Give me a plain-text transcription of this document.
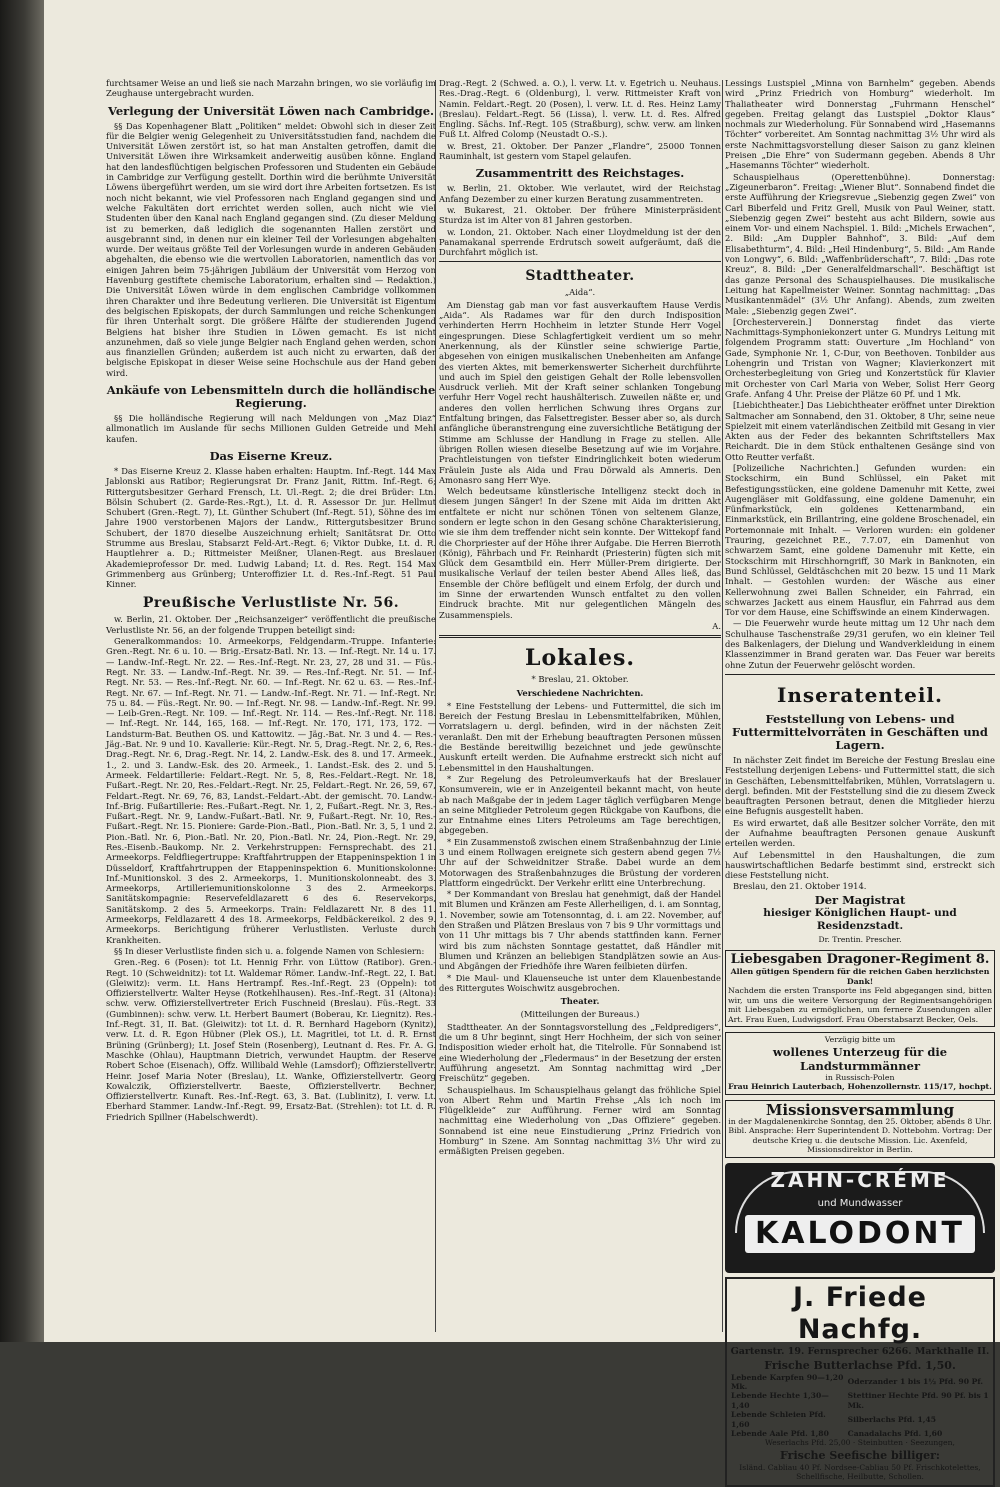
furchtsamer Weise an und ließ sie nach Marzahn bringen, wo sie vorläufig im Zeughause untergebracht wurden.

Verlegung der Universität Löwen nach Cambridge.

§§ Das Kopenhagener Blatt „Politiken“ meldet: Obwohl sich in dieser Zeit für die Belgier wenig Gelegenheit zu Universitätsstudien fand, nachdem die Universität Löwen zerstört ist, so hat man Anstalten getroffen, damit die Universität Löwen ihre Wirksamkeit anderweitig ausüben könne. England hat den landesflüchtigen belgischen Professoren und Studenten ein Gebäude in Cambridge zur Verfügung gestellt. Dorthin wird die berühmte Universität Löwens übergeführt werden, um sie wird dort ihre Arbeiten fortsetzen. Es ist noch nicht bekannt, wie viel Professoren nach England gegangen sind und welche Fakultäten dort errichtet werden sollen, auch nicht wie viel Studenten über den Kanal nach England gegangen sind. (Zu dieser Meldung ist zu bemerken, daß lediglich die sogenannten Hallen zerstört und ausgebrannt sind, in denen nur ein kleiner Teil der Vorlesungen abgehalten wurde. Der weitaus größte Teil der Vorlesungen wurde in anderen Gebäuden abgehalten, die ebenso wie die wertvollen Laboratorien, namentlich das vor einigen Jahren beim 75-jährigen Jubiläum der Universität vom Herzog von Havenburg gestiftete chemische Laboratorium, erhalten sind — Redaktion.) Die Universität Löwen würde in dem englischen Cambridge vollkommen ihren Charakter und ihre Bedeutung verlieren. Die Universität ist Eigentum des belgischen Episkopats, der durch Sammlungen und reiche Schenkungen für ihren Unterhalt sorgt. Die größere Hälfte der studierenden Jugend Belgiens hat bisher ihre Studien in Löwen gemacht. Es ist nicht anzunehmen, daß so viele junge Belgier nach England gehen werden, schon aus finanziellen Gründen; außerdem ist auch nicht zu erwarten, daß der belgische Episkopat in dieser Weise seine Hochschule aus der Hand geben wird.

Ankäufe von Lebensmitteln durch die holländische Regierung.

§§ Die holländische Regierung will nach Meldungen von „Maz Diaz“ allmonatlich im Auslande für sechs Millionen Gulden Getreide und Mehl kaufen.

Das Eiserne Kreuz.

* Das Eiserne Kreuz 2. Klasse haben erhalten: Hauptm. Inf.-Regt. 144 Max Jablonski aus Ratibor; Regierungsrat Dr. Franz Janit, Rittm. Inf.-Regt. 6; Rittergutsbesitzer Gerhard Frensch, Lt. Ul.-Regt. 2; die drei Brüder: Ltn. Bölsin Schubert (2. Garde-Res.-Rgt.), Lt. d. R. Assessor Dr. jur. Hellmut Schubert (Gren.-Regt. 7), Lt. Günther Schubert (Inf.-Regt. 51), Söhne des im Jahre 1900 verstorbenen Majors der Landw., Rittergutsbesitzer Bruno Schubert, der 1870 dieselbe Auszeichnung erhielt; Sanitätsrat Dr. Otto Strumme aus Breslau, Stabsarzt Feld-Art.-Regt. 6; Viktor Dubke, Lt. d. R. Hauptlehrer a. D.; Rittmeister Meißner, Ulanen-Regt. aus Breslauer Akademieprofessor Dr. med. Ludwig Laband; Lt. d. Res. Regt. 154 Max Grimmenberg aus Grünberg; Unteroffizier Lt. d. Res.-Inf.-Regt. 51 Paul Kinner.

Preußische Verlustliste Nr. 56.

w. Berlin, 21. Oktober. Der „Reichsanzeiger“ veröffentlicht die preußische Verlustliste Nr. 56, an der folgende Truppen beteiligt sind:

Generalkommandos: 10. Armeekorps, Feldgendarm.-Truppe. Infanterie: Gren.-Regt. Nr. 6 u. 10. — Brig.-Ersatz-Batl. Nr. 13. — Inf.-Regt. Nr. 14 u. 17. — Landw.-Inf.-Regt. Nr. 22. — Res.-Inf.-Regt. Nr. 23, 27, 28 und 31. — Füs.-Regt. Nr. 33. — Landw.-Inf.-Regt. Nr. 39. — Res.-Inf.-Regt. Nr. 51. — Inf.-Regt. Nr. 53. — Res.-Inf.-Regt. Nr. 60. — Inf.-Regt. Nr. 62 u. 63. — Res.-Inf.-Regt. Nr. 67. — Inf.-Regt. Nr. 71. — Landw.-Inf.-Regt. Nr. 71. — Inf.-Regt. Nr. 75 u. 84. — Füs.-Regt. Nr. 90. — Inf.-Regt. Nr. 98. — Landw.-Inf.-Regt. Nr. 99. — Leib-Gren.-Regt. Nr. 109. — Inf.-Regt. Nr. 114. — Res.-Inf.-Regt. Nr. 118. — Inf.-Regt. Nr. 144, 165, 168. — Inf.-Regt. Nr. 170, 171, 173, 172. — Landsturm-Bat. Beuthen OS. und Kattowitz. — Jäg.-Bat. Nr. 3 und 4. — Res.-Jäg.-Bat. Nr. 9 und 10. Kavallerie: Kür.-Regt. Nr. 5, Drag.-Regt. Nr. 2, 6, Res.-Drag.-Regt. Nr. 6, Drag.-Regt. Nr. 14, 2. Landw.-Esk. des 8. und 17. Armeek., 1., 2. und 3. Landw.-Esk. des 20. Armeek., 1. Landst.-Esk. des 2. und 5. Armeek. Feldartillerie: Feldart.-Regt. Nr. 5, 8, Res.-Feldart.-Regt. Nr. 18, Fußart.-Regt. Nr. 20, Res.-Feldart.-Regt. Nr. 25, Feldart.-Regt. Nr. 26, 59, 67, Feldart.-Regt. Nr. 69, 76, 83, Landst.-Feldart.-Abt. der gemischt. 70. Landw.-Inf.-Brig. Fußartillerie: Res.-Fußart.-Regt. Nr. 1, 2, Fußart.-Regt. Nr. 3, Res.-Fußart.-Regt. Nr. 9, Landw.-Fußart.-Batl. Nr. 9, Fußart.-Regt. Nr. 10, Res.-Fußart.-Regt. Nr. 15. Pioniere: Garde-Pion.-Batl., Pion.-Batl. Nr. 3, 5, 1 und 2. Pion.-Batl. Nr. 6, Pion.-Batl. Nr. 20, Pion.-Batl. Nr. 24, Pion.-Regt. Nr. 29, Res.-Eisenb.-Baukomp. Nr. 2. Verkehrstruppen: Fernsprechabt. des 21. Armeekorps. Feldfliegertruppe: Kraftfahrtruppen der Etappeninspektion 1 in Düsseldorf, Kraftfahrtruppen der Etappeninspektion 6. Munitionskolonne: Inf.-Munitionskol. 3 des 2. Armeekorps, 1. Munitionskolonneabt. des 3. Armeekorps, Artilleriemunitionskolonne 3 des 2. Armeekorps. Sanitätskompagnie: Reservefeldlazarett 6 des 6. Reservekorps, Sanitätskomp. 2 des 5. Armeekorps. Train: Feldlazarett Nr. 8 des 11. Armeekorps, Feldlazarett 4 des 18. Armeekorps, Feldbäckereikol. 2 des 9. Armeekorps. Berichtigung früherer Verlustlisten. Verluste durch Krankheiten.

§§ In dieser Verlustliste finden sich u. a. folgende Namen von Schlesiern:

Gren.-Reg. 6 (Posen): tot Lt. Hennig Frhr. von Lüttow (Ratibor). Gren.-Regt. 10 (Schweidnitz): tot Lt. Waldemar Römer. Landw.-Inf.-Regt. 22, I. Bat. (Gleiwitz): verm. Lt. Hans Hertrampf. Res.-Inf.-Regt. 23 (Oppeln): tot Offizierstellvertr. Walter Heyse (Rotkehlhausen). Res.-Inf.-Regt. 31 (Altona): schw. verw. Offizierstellvertreter Erich Fuschneid (Breslau). Füs.-Regt. 33 (Gumbinnen): schw. verw. Lt. Herbert Baumert (Boberau, Kr. Liegnitz). Res.-Inf.-Regt. 31, II. Bat. (Gleiwitz): tot Lt. d. R. Bernhard Hageborn (Kynitz), verw. Lt. d. R. Egon Hübner (Plek OS.), Lt. Magritlei, tot Lt. d. R. Ernst Brüning (Grünberg); Lt. Josef Stein (Rosenberg), Leutnant d. Res. Fr. A. G. Maschke (Ohlau), Hauptmann Dietrich, verwundet Hauptm. der Reserve Robert Schoe (Eisenach), Offz. Willibald Wehle (Lamsdorf); Offizierstellvertr. Heinr. Josef Maria Noter (Breslau), Lt. Wanke, Offizierstellvertr. Georg Kowalczik, Offizierstellvertr. Baeste, Offizierstellvertr. Bechner, Offizierstellvertr. Kunaft. Res.-Inf.-Regt. 63, 3. Bat. (Lublinitz), I. verw. Lt. Eberhard Stammer. Landw.-Inf.-Regt. 99, Ersatz-Bat. (Strehlen): tot Lt. d. R. Friedrich Spillner (Habelschwerdt).

Drag.-Regt. 2 (Schwed. a. O.), l. verw. Lt. v. Egetrich u. Neuhaus. Res.-Drag.-Regt. 6 (Oldenburg), l. verw. Rittmeister Kraft von Namin. Feldart.-Regt. 20 (Posen), l. verw. Lt. d. Res. Heinz Lamy (Breslau). Feldart.-Regt. 56 (Lissa), l. verw. Lt. d. Res. Alfred Engling. Sächs. Inf.-Regt. 105 (Straßburg), schw. verw. am linken Fuß Lt. Alfred Colomp (Neustadt O.-S.).

w. Brest, 21. Oktober. Der Panzer „Flandre“, 25000 Tonnen Rauminhalt, ist gestern vom Stapel gelaufen.

Zusammentritt des Reichstages.

w. Berlin, 21. Oktober. Wie verlautet, wird der Reichstag Anfang Dezember zu einer kurzen Beratung zusammentreten.

w. Bukarest, 21. Oktober. Der frühere Ministerpräsident Sturdza ist im Alter von 81 Jahren gestorben.

w. London, 21. Oktober. Nach einer Lloydmeldung ist der den Panamakanal sperrende Erdrutsch soweit aufgeräumt, daß die Durchfahrt möglich ist.

Stadttheater.
„Aida“.

Am Dienstag gab man vor fast ausverkauftem Hause Verdis „Aida“. Als Radames war für den durch Indisposition verhinderten Herrn Hochheim in letzter Stunde Herr Vogel eingesprungen. Diese Schlagfertigkeit verdient um so mehr Anerkennung, als der Künstler seine schwierige Partie, abgesehen von einigen musikalischen Unebenheiten am Anfange des vierten Aktes, mit bemerkenswerter Sicherheit durchführte und auch im Spiel den geistigen Gehalt der Rolle lebensvollen Ausdruck verlieh. Mit der Kraft seiner schlanken Tongebung verfuhr Herr Vogel recht haushälterisch. Zuweilen näßte er, und anderes den vollen herrlichen Schwung ihres Organs zur Entfaltung bringen, das Falsettregister. Besser aber so, als durch anfängliche überanstrengung eine zuversichtliche Betätigung der Stimme am Schlusse der Handlung in Frage zu stellen. Alle übrigen Rollen wiesen dieselbe Besetzung auf wie im Vorjahre. Prachtleistungen von tiefster Eindringlichkeit boten wiederum Fräulein Juste als Aida und Frau Dörwald als Amneris. Den Amonasro sang Herr Wye.

Welch bedeutsame künstlerische Intelligenz steckt doch in diesem jungen Sänger! In der Szene mit Aida im dritten Akt entfaltete er nicht nur schönen Tönen von seltenem Glanze, sondern er legte schon in den Gesang schöne Charakterisierung, wie sie ihm dem treffender nicht sein konnte. Der Wittekopf fand die Chorpriester auf der Höhe ihrer Aufgabe. Die Herren Bierroth (König), Fährbach und Fr. Reinhardt (Priesterin) fügten sich mit Glück dem Gesamtbild ein. Herr Müller-Prem dirigierte. Der musikalische Verlauf der teilen bester Abend Alles ließ, das Ensemble der Chöre beflügelt und einem Erfolg, der durch und im Sinne der erwartenden Wunsch entfaltet zu den vollen Eindruck brachte. Mit nur gelegentlichen Mängeln des Zusammenspiels.

A.
Lokales.
* Breslau, 21. Oktober.
Verschiedene Nachrichten.

* Eine Feststellung der Lebens- und Futtermittel, die sich im Bereich der Festung Breslau in Lebensmittelfabriken, Mühlen, Vorratslagern u. dergl. befinden, wird in der nächsten Zeit veranlaßt. Den mit der Erhebung beauftragten Personen müssen die Bestände bereitwillig bezeichnet und jede gewünschte Auskunft erteilt werden. Die Aufnahme erstreckt sich nicht auf Lebensmittel in den Haushaltungen.

* Zur Regelung des Petroleumverkaufs hat der Breslauer Konsumverein, wie er in Anzeigenteil bekannt macht, von heute ab nach Maßgabe der in jedem Lager täglich verfügbaren Menge an seine Mitglieder Petroleum gegen Rückgabe von Kaufbons, die zur Entnahme eines Liters Petroleums am Tage berechtigen, abgegeben.

* Ein Zusammenstoß zwischen einem Straßenbahnzug der Linie 3 und einem Rollwagen ereignete sich gestern abend gegen 7½ Uhr auf der Schweidnitzer Straße. Dabei wurde an dem Motorwagen des Straßenbahnzuges die Brüstung der vorderen Plattform eingedrückt. Der Verkehr erlitt eine Unterbrechung.

* Der Kommandant von Breslau hat genehmigt, daß der Handel mit Blumen und Kränzen am Feste Allerheiligen, d. i. am Sonntag, 1. November, sowie am Totensonntag, d. i. am 22. November, auf den Straßen und Plätzen Breslaus von 7 bis 9 Uhr vormittags und von 11 Uhr mittags bis 7 Uhr abends stattfinden kann. Ferner wird bis zum nächsten Sonntage gestattet, daß Händler mit Blumen und Kränzen an beliebigen Standplätzen sowie an Aus- und Abgängen der Friedhöfe ihre Waren feilbieten dürfen.

* Die Maul- und Klauenseuche ist unter dem Klauenbestande des Rittergutes Woischwitz ausgebrochen.

Theater.
(Mitteilungen der Bureaus.)

Stadttheater. An der Sonntagsvorstellung des „Feldpredigers“, die um 8 Uhr beginnt, singt Herr Hochheim, der sich von seiner Indisposition wieder erholt hat, die Titelrolle. Für Sonnabend ist eine Wiederholung der „Fledermaus“ in der Besetzung der ersten Aufführung angesetzt. Am Sonntag nachmittag wird „Der Freischütz“ gegeben.

Schauspielhaus. Im Schauspielhaus gelangt das fröhliche Spiel von Albert Rehm und Martin Frehse „Als ich noch im Flügelkleide“ zur Aufführung. Ferner wird am Sonntag nachmittag eine Wiederholung von „Das Offiziere“ gegeben. Sonnabend ist eine neue Einstudierung „Prinz Friedrich von Homburg“ in Szene. Am Sonntag nachmittag 3½ Uhr wird zu ermäßigten Preisen gegeben.

Lessings Lustspiel „Minna von Barnhelm“ gegeben. Abends wird „Prinz Friedrich von Homburg“ wiederholt. Im Thaliatheater wird Donnerstag „Fuhrmann Henschel“ gegeben. Freitag gelangt das Lustspiel „Doktor Klaus“ nochmals zur Wiederholung. Für Sonnabend wird „Hasemanns Töchter“ vorbereitet. Am Sonntag nachmittag 3½ Uhr wird als erste Nachmittagsvorstellung dieser Saison zu ganz kleinen Preisen „Die Ehre“ von Sudermann gegeben. Abends 8 Uhr „Hasemanns Töchter“ wiederholt.

Schauspielhaus (Operettenbühne). Donnerstag: „Zigeunerbaron“. Freitag: „Wiener Blut“. Sonnabend findet die erste Aufführung der Kriegsrevue „Siebenzig gegen Zwei“ von Carl Biberfeld und Fritz Grell, Musik von Paul Weiner, statt. „Siebenzig gegen Zwei“ besteht aus acht Bildern, sowie aus einem Vor- und einem Nachspiel. 1. Bild: „Michels Erwachen“, 2. Bild: „Am Duppler Bahnhof“, 3. Bild: „Auf dem Elisabethturm“, 4. Bild: „Heil Hindenburg“, 5. Bild: „Am Rande von Longwy“, 6. Bild: „Waffenbrüderschaft“, 7. Bild: „Das rote Kreuz“, 8. Bild: „Der Generalfeldmarschall“. Beschäftigt ist das ganze Personal des Schauspielhauses. Die musikalische Leitung hat Kapellmeister Weiner. Sonntag nachmittag: „Das Musikantenmädel“ (3½ Uhr Anfang). Abends, zum zweiten Male: „Siebenzig gegen Zwei“.

[Orchesterverein.] Donnerstag findet das vierte Nachmittags-Symphoniekonzert unter G. Mundrys Leitung mit folgendem Programm statt: Ouverture „Im Hochland“ von Gade, Symphonie Nr. 1, C-Dur, von Beethoven. Tonbilder aus Lohengrin und Tristan von Wagner; Klavierkonzert mit Orchesterbegleitung von Grieg und Konzertstück für Klavier mit Orchester von Carl Maria von Weber, Solist Herr Georg Grafe. Anfang 4 Uhr. Preise der Plätze 60 Pf. und 1 Mk.

[Liebichtheater.] Das Liebichtheater eröffnet unter Direktion Saltmacher am Sonnabend, den 31. Oktober, 8 Uhr, seine neue Spielzeit mit einem vaterländischen Zeitbild mit Gesang in vier Akten aus der Feder des bekannten Schriftstellers Max Reichardt. Die in dem Stück enthaltenen Gesänge sind von Otto Reutter verfaßt.

[Polizeiliche Nachrichten.] Gefunden wurden: ein Stockschirm, ein Bund Schlüssel, ein Paket mit Befestigungsstücken, eine goldene Damenuhr mit Kette, zwei Augengläser mit Goldfassung, eine goldene Damenuhr, ein Fünfmarkstück, ein goldenes Kettenarmband, ein Einmarkstück, ein Brillantring, eine goldene Broschenadel, ein Portemonnaie mit Inhalt. — Verloren wurden: ein goldener Trauring, gezeichnet P.E., 7.7.07, ein Damenhut von schwarzem Samt, eine goldene Damenuhr mit Kette, ein Stockschirm mit Hirschhorngriff, 30 Mark in Banknoten, ein Bund Schlüssel, Geldtäschchen mit 20 bezw. 15 und 11 Mark Inhalt. — Gestohlen wurden: der Wäsche aus einer Kellerwohnung zwei Ballen Schneider, ein Fahrrad, ein schwarzes Jackett aus einem Hausflur, ein Fahrrad aus dem Tor vor dem Hause, eine Schiffswinde an einem Kinderwagen.

— Die Feuerwehr wurde heute mittag um 12 Uhr nach dem Schulhause Taschenstraße 29/31 gerufen, wo ein kleiner Teil des Balkenlagers, der Dielung und Wandverkleidung in einem Klassenzimmer in Brand geraten war. Das Feuer war bereits ohne Zutun der Feuerwehr gelöscht worden.

Inseratenteil.
Feststellung von Lebens- und Futtermittelvorräten in Geschäften und Lagern.

In nächster Zeit findet im Bereiche der Festung Breslau eine Feststellung derjenigen Lebens- und Futtermittel statt, die sich in Geschäften, Lebensmittelfabriken, Mühlen, Vorratslagern u. dergl. befinden. Mit der Feststellung sind die zu diesem Zweck beauftragten Personen betraut, denen die Mitglieder hierzu eine Befugnis ausgestellt haben.

Es wird erwartet, daß alle Besitzer solcher Vorräte, den mit der Aufnahme beauftragten Personen genaue Auskunft erteilen werden.

Auf Lebensmittel in den Haushaltungen, die zum hauswirtschaftlichen Bedarfe bestimmt sind, erstreckt sich diese Feststellung nicht.

Breslau, den 21. Oktober 1914.

Der Magistrat
hiesiger Königlichen Haupt- und Residenzstadt.
Dr. Trentin. Prescher.
Liebesgaben Dragoner-Regiment 8.
Allen gütigen Spendern für die reichen Gaben herzlichsten Dank!
Nachdem die ersten Transporte ins Feld abgegangen sind, bitten wir, um uns die weitere Versorgung der Regimentsangehörigen mit Liebesgaben zu ermöglichen, um fernere Zusendungen aller Art. Frau Euen, Ludwigsdorf. Frau Oberstabsarzt Becker, Oels.
Verzügig bitte um
wollenes Unterzeug für die Landsturmmänner
in Russisch-Polen
Frau Heinrich Lauterbach, Hohenzollernstr. 115/17, hochpt.
Missionsversammlung
in der Magdalenenkirche Sonntag, den 25. Oktober, abends 8 Uhr. Bibl. Ansprache: Herr Superintendent D. Nottebohm. Vortrag: Der deutsche Krieg u. die deutsche Mission. Lic. Axenfeld, Missionsdirektor in Berlin.
ZAHN-CRÉME
und Mundwasser
KALODONT
J. Friede Nachfg.
Gartenstr. 19. Fernsprecher 6266. Markthalle II.
Frische Butterlachse Pfd. 1,50.
Lebende Karpfen 90—1,20 Mk.	Oderzander 1 bis 1½ Pfd. 90 Pf.
Lebende Hechte 1,30—1,40	Stettiner Hechte Pfd. 90 Pf. bis 1 Mk.
Lebende Schleien Pfd. 1,60	Silberlachs Pfd. 1,45
Lebende Aale Pfd. 1,80	Canadalachs Pfd. 1,60
Weserlachs Pfd. 25,00 · Steinbutten · Seezungen,
Frische Seefische billiger:
Isländ. Cabliau 40 Pf. Nordsee-Cabliau 50 Pf. Frischkotelettes, Schellfische, Heilbutte, Schollen.
